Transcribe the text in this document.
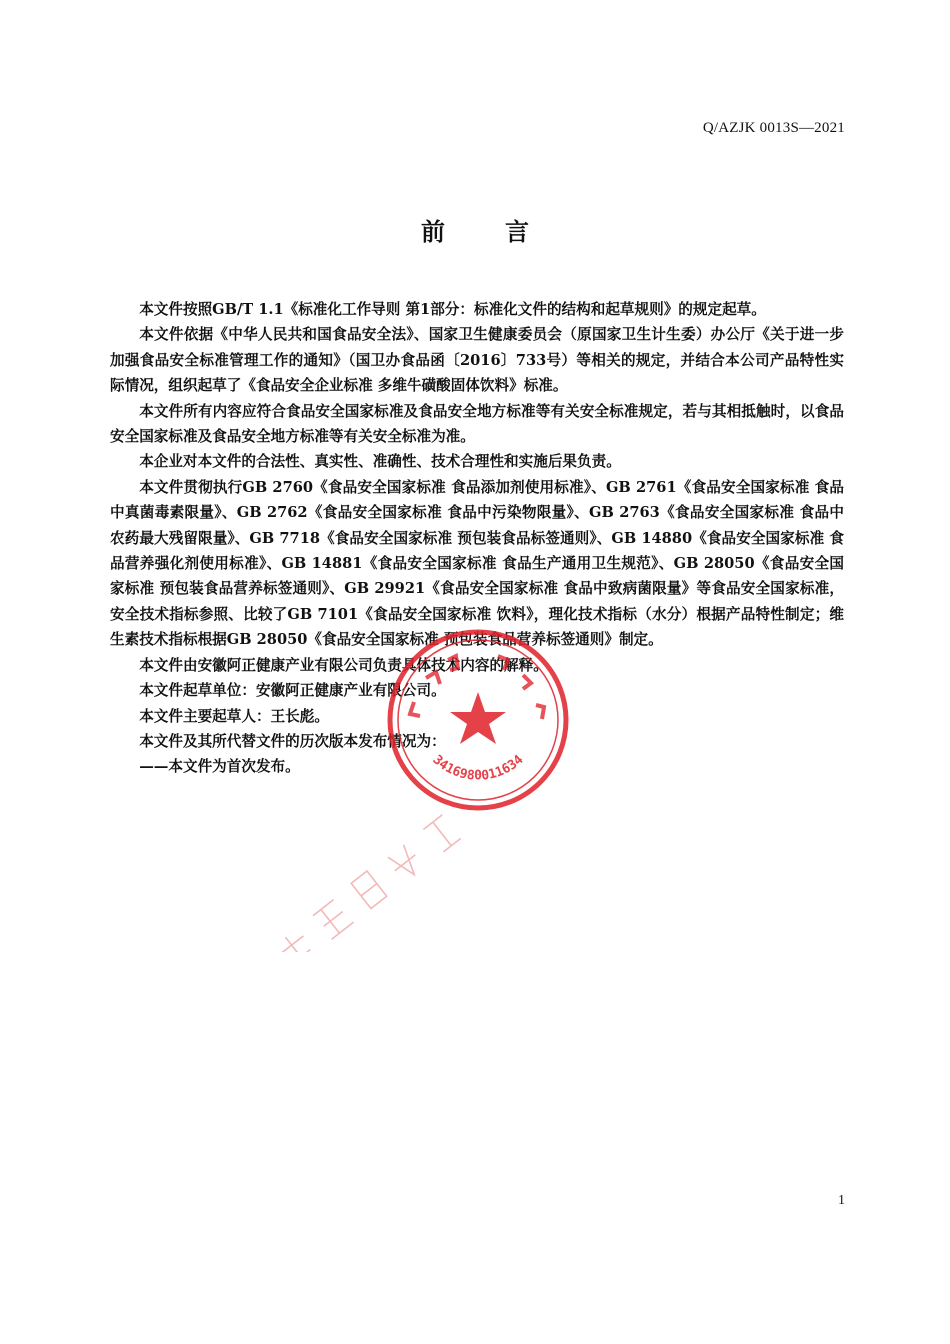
Q/AZJK 0013S—2021
前	言

本文件按照GB/T 1.1《标准化工作导则 第1部分：标准化文件的结构和起草规则》的规定起草。

本文件依据《中华人民共和国食品安全法》、国家卫生健康委员会（原国家卫生计生委）办公厅《关于进一步加强食品安全标准管理工作的通知》（国卫办食品函〔2016〕733号）等相关的规定，并结合本公司产品特性实际情况，组织起草了《食品安全企业标准 多维牛磺酸固体饮料》标准。

本文件所有内容应符合食品安全国家标准及食品安全地方标准等有关安全标准规定，若与其相抵触时，以食品安全国家标准及食品安全地方标准等有关安全标准为准。

本企业对本文件的合法性、真实性、准确性、技术合理性和实施后果负责。

本文件贯彻执行GB 2760《食品安全国家标准 食品添加剂使用标准》、GB 2761《食品安全国家标准 食品中真菌毒素限量》、GB 2762《食品安全国家标准 食品中污染物限量》、GB 2763《食品安全国家标准 食品中农药最大残留限量》、GB 7718《食品安全国家标准 预包装食品标签通则》、GB 14880《食品安全国家标准 食品营养强化剂使用标准》、GB 14881《食品安全国家标准 食品生产通用卫生规范》、GB 28050《食品安全国家标准 预包装食品营养标签通则》、GB 29921《食品安全国家标准 食品中致病菌限量》等食品安全国家标准，安全技术指标参照、比较了GB 7101《食品安全国家标准 饮料》，理化技术指标（水分）根据产品特性制定；维生素技术指标根据GB 28050《食品安全国家标准 预包装食品营养标签通则》制定。

本文件由安徽阿正健康产业有限公司负责具体技术内容的解释。

本文件起草单位：安徽阿正健康产业有限公司。

本文件主要起草人：王长彪。

本文件及其所代替文件的历次版本发布情况为：

——本文件为首次发布。	3416980011634
1
